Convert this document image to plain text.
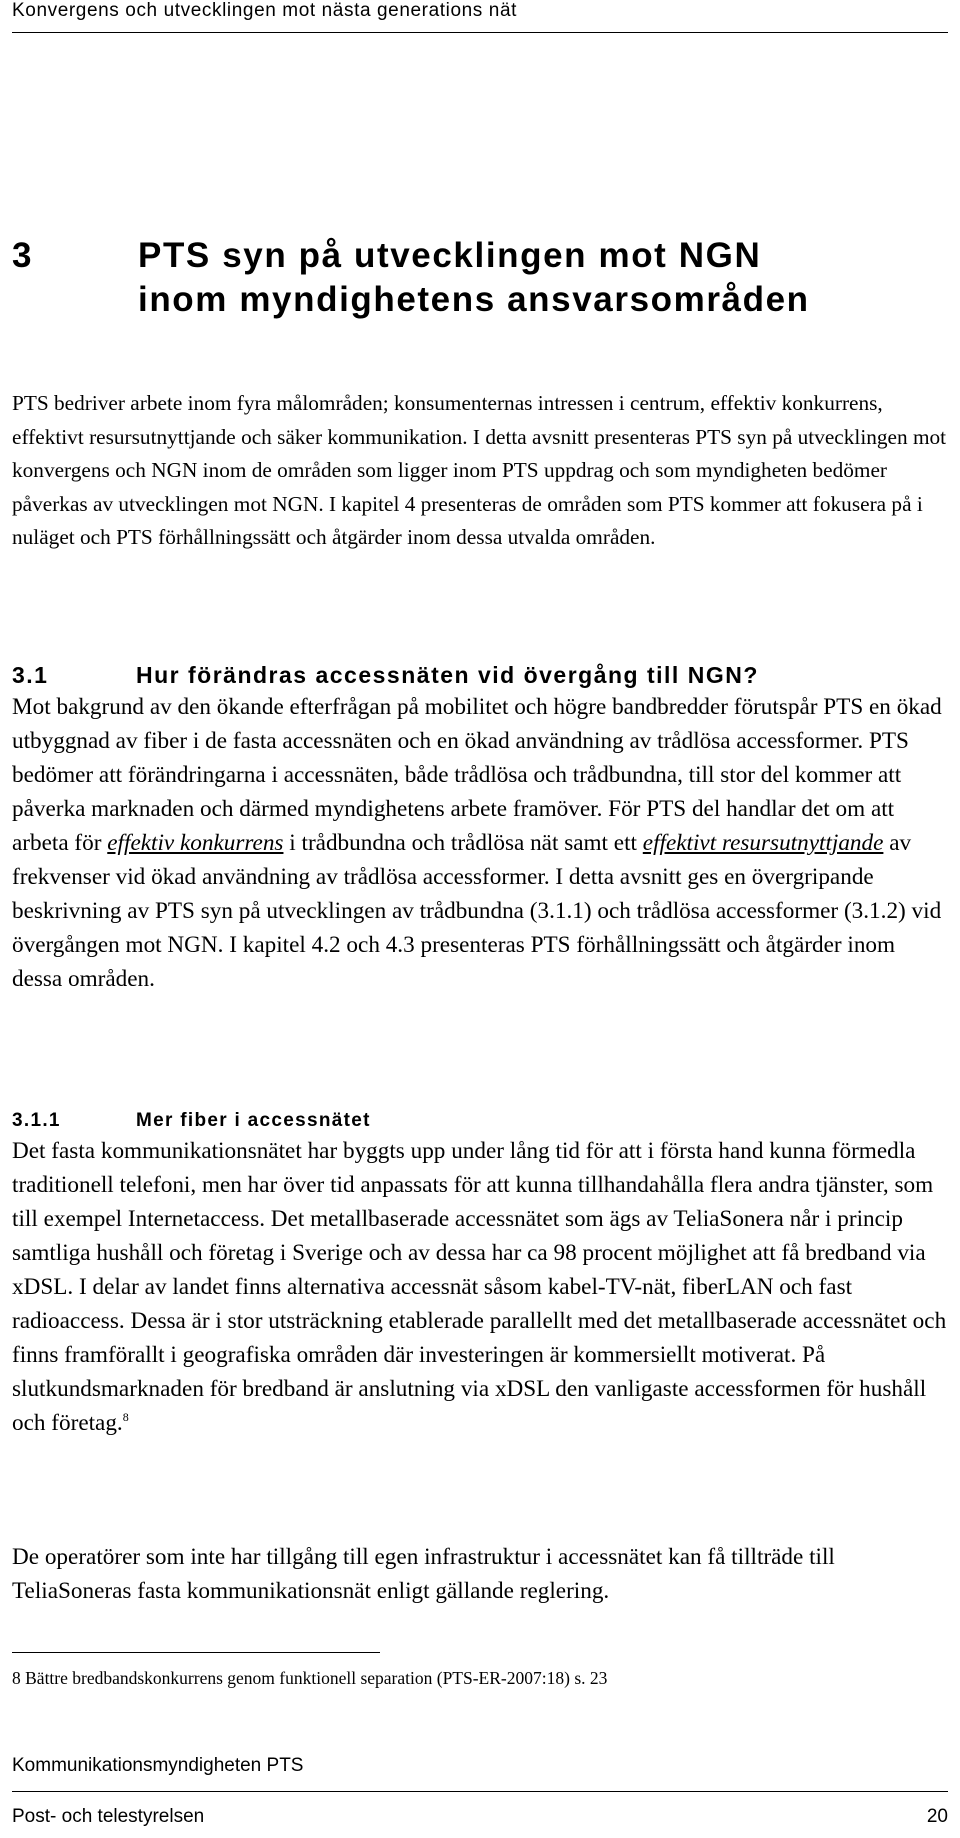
Konvergens och utvecklingen mot nästa generations nät
3	PTS syn på utvecklingen mot NGN
inom myndighetens ansvarsområden

PTS bedriver arbete inom fyra målområden; konsumenternas intressen i centrum, effektiv konkurrens, effektivt resursutnyttjande och säker kommunikation. I detta avsnitt presenteras PTS syn på utvecklingen mot konvergens och NGN inom de områden som ligger inom PTS uppdrag och som myndigheten bedömer påverkas av utvecklingen mot NGN. I kapitel 4 presenteras de områden som PTS kommer att fokusera på i nuläget och PTS förhållningssätt och åtgärder inom dessa utvalda områden.

3.1	Hur förändras accessnäten vid övergång till NGN?

Mot bakgrund av den ökande efterfrågan på mobilitet och högre bandbredder förutspår PTS en ökad utbyggnad av fiber i de fasta accessnäten och en ökad användning av trådlösa accessformer. PTS bedömer att förändringarna i accessnäten, både trådlösa och trådbundna, till stor del kommer att påverka marknaden och därmed myndighetens arbete framöver. För PTS del handlar det om att arbeta för effektiv konkurrens i trådbundna och trådlösa nät samt ett effektivt resursutnyttjande av frekvenser vid ökad användning av trådlösa accessformer. I detta avsnitt ges en övergripande beskrivning av PTS syn på utvecklingen av trådbundna (3.1.1) och trådlösa accessformer (3.1.2) vid övergången mot NGN. I kapitel 4.2 och 4.3 presenteras PTS förhållningssätt och åtgärder inom dessa områden.

3.1.1	Mer fiber i accessnätet

Det fasta kommunikationsnätet har byggts upp under lång tid för att i första hand kunna förmedla traditionell telefoni, men har över tid anpassats för att kunna tillhandahålla flera andra tjänster, som till exempel Internetaccess. Det metallbaserade accessnätet som ägs av TeliaSonera når i princip samtliga hushåll och företag i Sverige och av dessa har ca 98 procent möjlighet att få bredband via xDSL. I delar av landet finns alternativa accessnät såsom kabel-TV-nät, fiberLAN och fast radioaccess. Dessa är i stor utsträckning etablerade parallellt med det metallbaserade accessnätet och finns framförallt i geografiska områden där investeringen är kommersiellt motiverat. På slutkundsmarknaden för bredband är anslutning via xDSL den vanligaste accessformen för hushåll och företag.$^8$

De operatörer som inte har tillgång till egen infrastruktur i accessnätet kan få tillträde till TeliaSoneras fasta kommunikationsnät enligt gällande reglering.

8 Bättre bredbandskonkurrens genom funktionell separation (PTS-ER-2007:18) s. 23
Kommunikationsmyndigheten PTS
Post- och telestyrelsen	20
